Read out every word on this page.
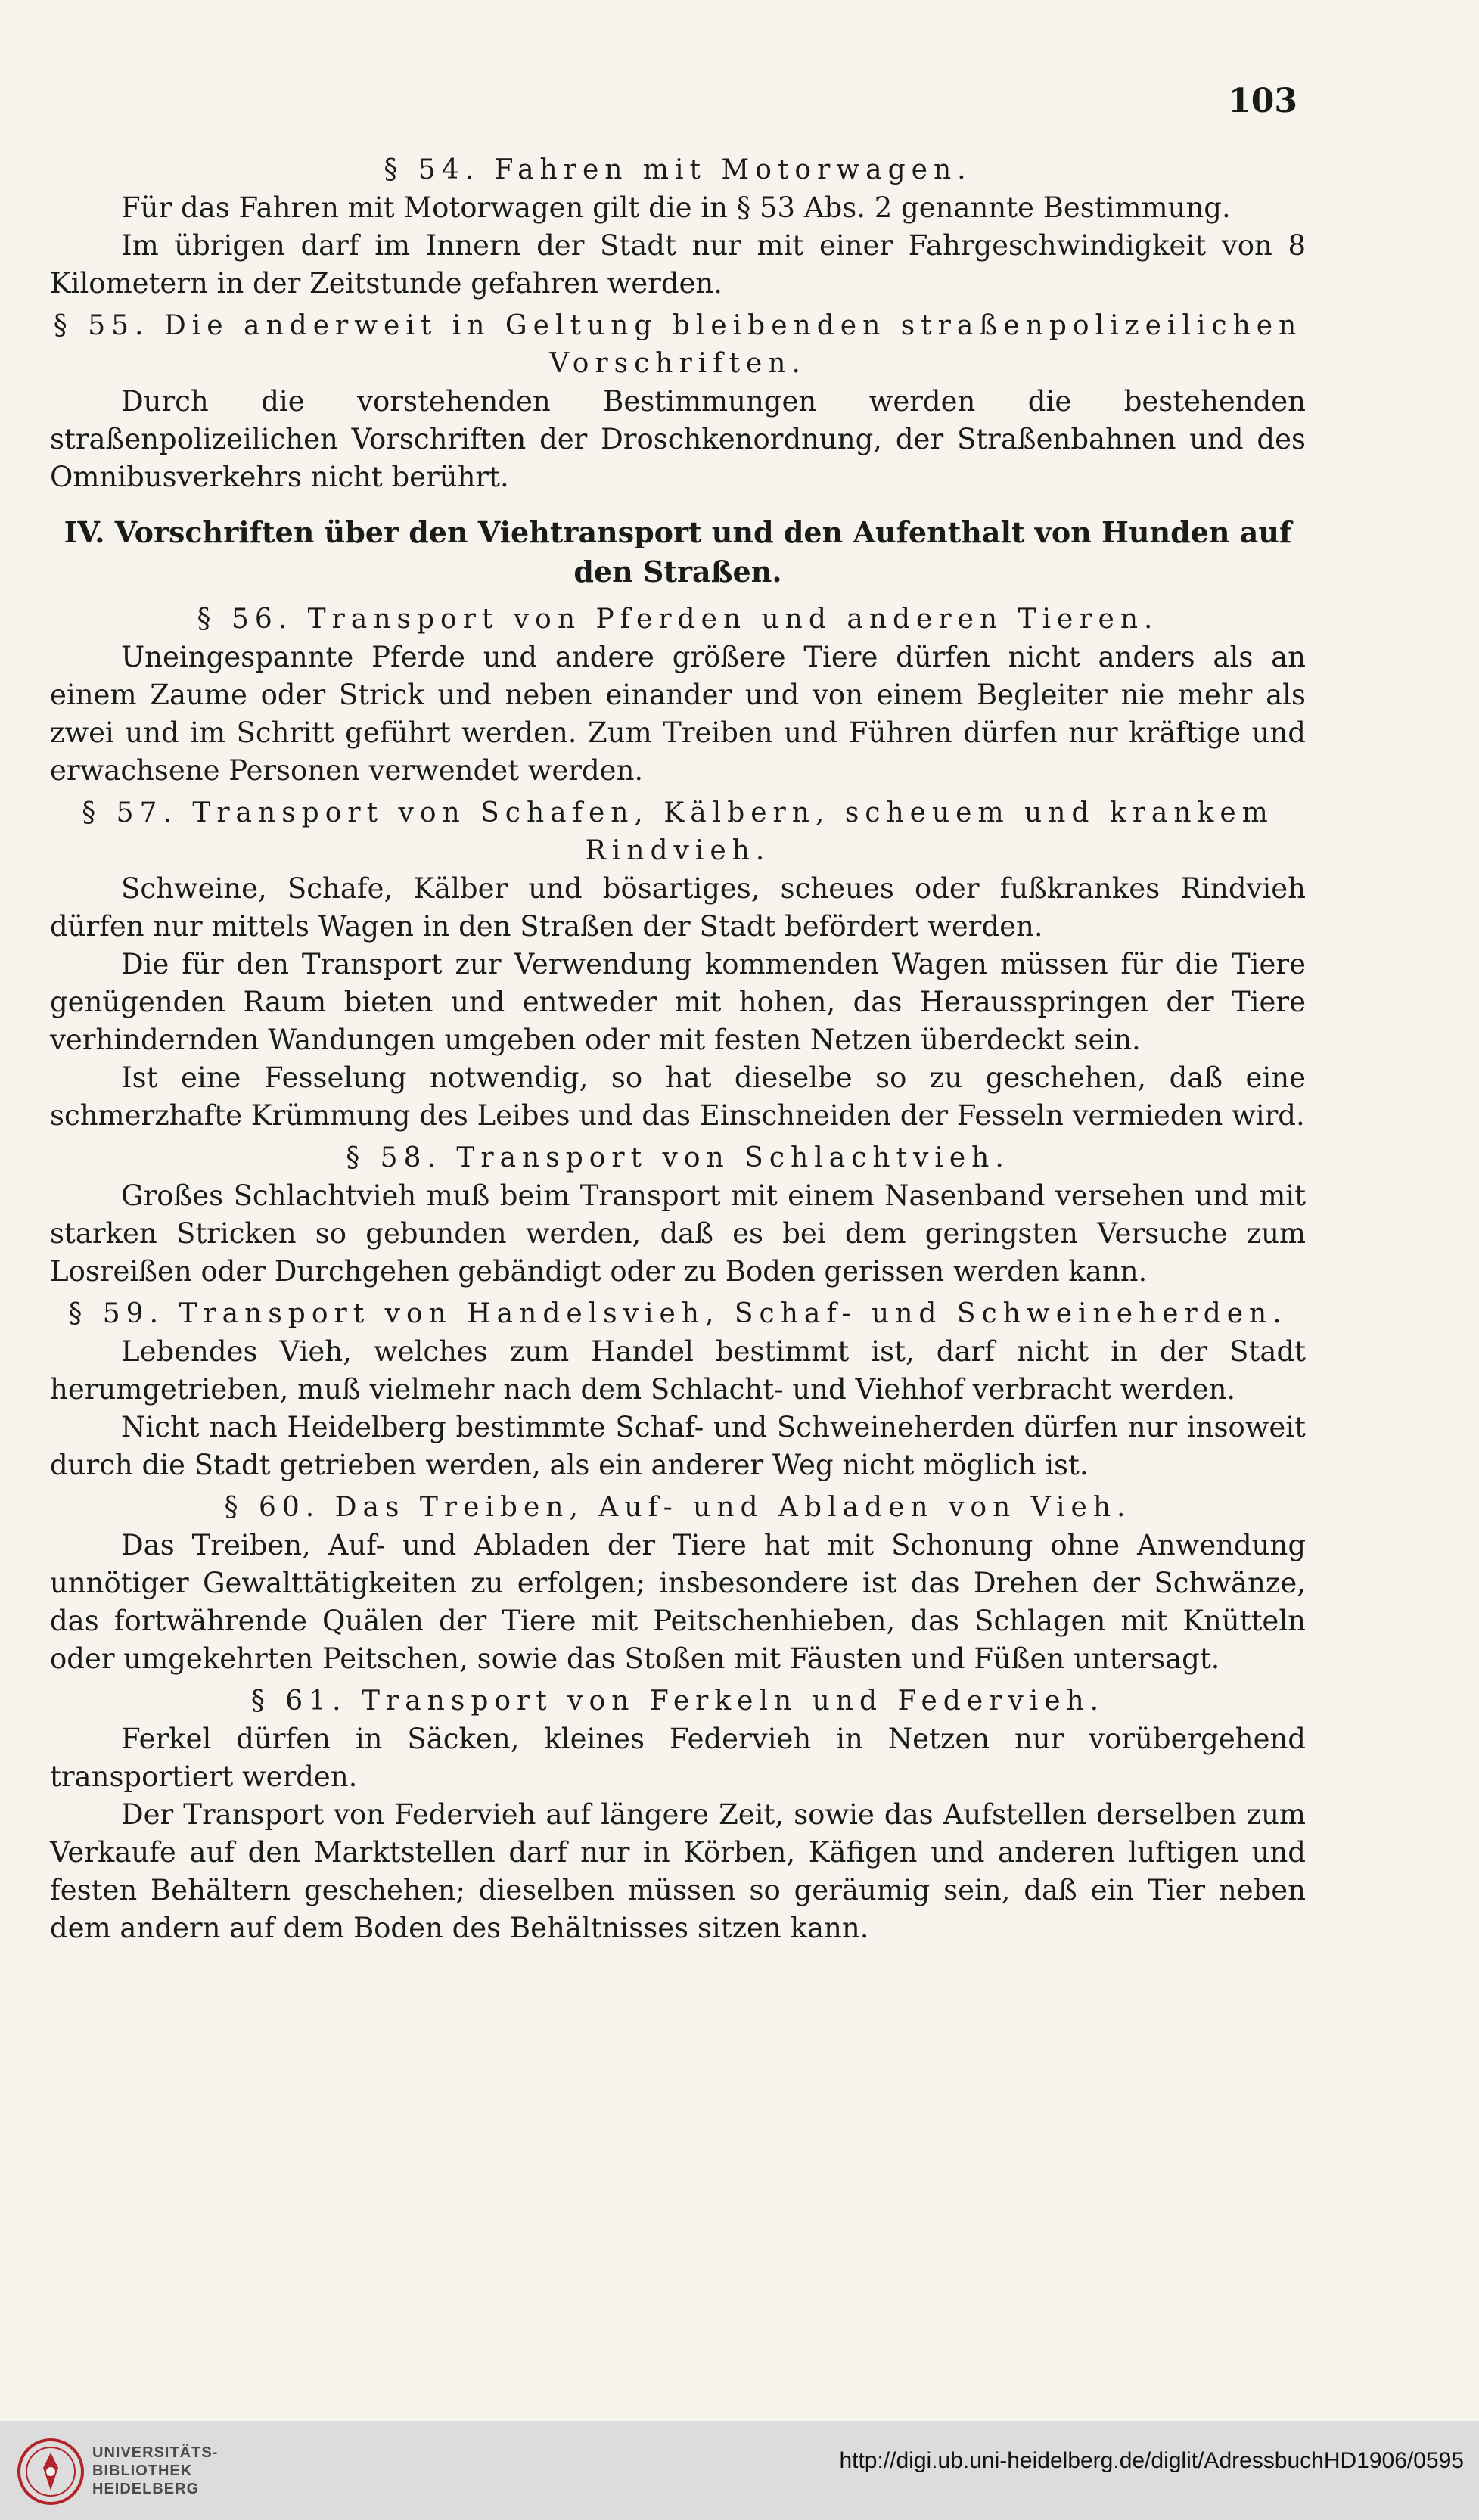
103

§ 54. Fahren mit Motorwagen.

Für das Fahren mit Motorwagen gilt die in § 53 Abs. 2 genannte Bestimmung.

Im übrigen darf im Innern der Stadt nur mit einer Fahrgeschwindigkeit von 8 Kilometern in der Zeitstunde gefahren werden.

§ 55. Die anderweit in Geltung bleibenden straßenpolizeilichen Vorschriften.

Durch die vorstehenden Bestimmungen werden die bestehenden straßenpolizeilichen Vorschriften der Droschkenordnung, der Straßenbahnen und des Omnibusverkehrs nicht berührt.

IV. Vorschriften über den Viehtransport und den Aufenthalt von Hunden auf den Straßen.

§ 56. Transport von Pferden und anderen Tieren.

Uneingespannte Pferde und andere größere Tiere dürfen nicht anders als an einem Zaume oder Strick und neben einander und von einem Begleiter nie mehr als zwei und im Schritt geführt werden. Zum Treiben und Führen dürfen nur kräftige und erwachsene Personen verwendet werden.

§ 57. Transport von Schafen, Kälbern, scheuem und krankem Rindvieh.

Schweine, Schafe, Kälber und bösartiges, scheues oder fußkrankes Rindvieh dürfen nur mittels Wagen in den Straßen der Stadt befördert werden.

Die für den Transport zur Verwendung kommenden Wagen müssen für die Tiere genügenden Raum bieten und entweder mit hohen, das Herausspringen der Tiere verhindernden Wandungen umgeben oder mit festen Netzen überdeckt sein.

Ist eine Fesselung notwendig, so hat dieselbe so zu geschehen, daß eine schmerzhafte Krümmung des Leibes und das Einschneiden der Fesseln vermieden wird.

§ 58. Transport von Schlachtvieh.

Großes Schlachtvieh muß beim Transport mit einem Nasenband versehen und mit starken Stricken so gebunden werden, daß es bei dem geringsten Versuche zum Losreißen oder Durchgehen gebändigt oder zu Boden gerissen werden kann.

§ 59. Transport von Handelsvieh, Schaf- und Schweineherden.

Lebendes Vieh, welches zum Handel bestimmt ist, darf nicht in der Stadt herumgetrieben, muß vielmehr nach dem Schlacht- und Viehhof verbracht werden.

Nicht nach Heidelberg bestimmte Schaf- und Schweineherden dürfen nur insoweit durch die Stadt getrieben werden, als ein anderer Weg nicht möglich ist.

§ 60. Das Treiben, Auf- und Abladen von Vieh.

Das Treiben, Auf- und Abladen der Tiere hat mit Schonung ohne Anwendung unnötiger Gewalttätigkeiten zu erfolgen; insbesondere ist das Drehen der Schwänze, das fortwährende Quälen der Tiere mit Peitschenhieben, das Schlagen mit Knütteln oder umgekehrten Peitschen, sowie das Stoßen mit Fäusten und Füßen untersagt.

§ 61. Transport von Ferkeln und Federvieh.

Ferkel dürfen in Säcken, kleines Federvieh in Netzen nur vorübergehend transportiert werden.

Der Transport von Federvieh auf längere Zeit, sowie das Aufstellen derselben zum Verkaufe auf den Marktstellen darf nur in Körben, Käfigen und anderen luftigen und festen Behältern geschehen; dieselben müssen so geräumig sein, daß ein Tier neben dem andern auf dem Boden des Behältnisses sitzen kann.

UNIVERSITÄTS-
BIBLIOTHEK
HEIDELBERG
http://digi.ub.uni-heidelberg.de/diglit/AdressbuchHD1906/0595
